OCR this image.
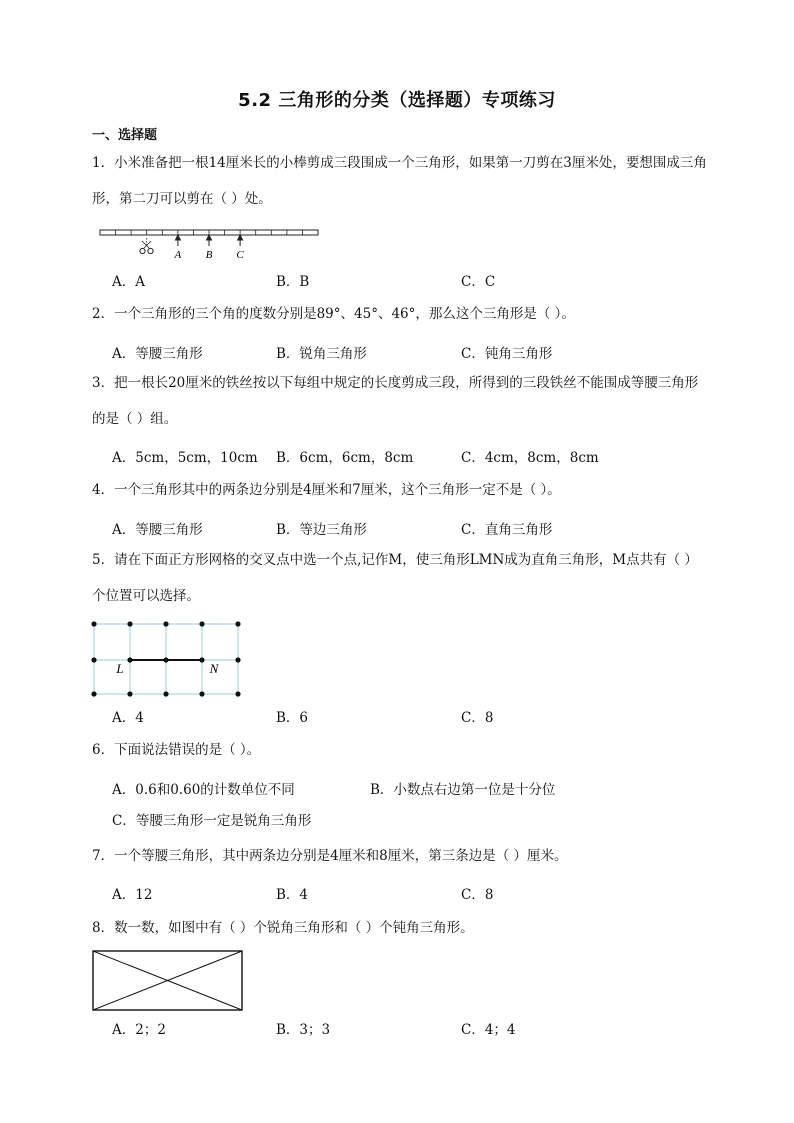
5.2 三角形的分类（选择题）专项练习
一、选择题
1．小米准备把一根14厘米长的小棒剪成三段围成一个三角形，如果第一刀剪在3厘米处，要想围成三角形，第二刀可以剪在（ ）处。
A B C
A．A	B．B	C．C
2．一个三角形的三个角的度数分别是89°、45°、46°，那么这个三角形是（ ）。
A．等腰三角形	B．锐角三角形	C．钝角三角形
3．把一根长20厘米的铁丝按以下每组中规定的长度剪成三段，所得到的三段铁丝不能围成等腰三角形的是（ ）组。
A．5cm，5cm，10cm B．6cm，6cm，8cm	C．4cm，8cm，8cm
4．一个三角形其中的两条边分别是4厘米和7厘米，这个三角形一定不是（ ）。
A．等腰三角形	B．等边三角形	C．直角三角形
5．请在下面正方形网格的交叉点中选一个点,记作M，使三角形LMN成为直角三角形，M点共有（ ）个位置可以选择。
L	N
A．4	B．6	C．8
6．下面说法错误的是（ ）。
A．0.6和0.60的计数单位不同	B．小数点右边第一位是十分位
C．等腰三角形一定是锐角三角形
7．一个等腰三角形，其中两条边分别是4厘米和8厘米，第三条边是（ ）厘米。
A．12	B．4	C．8
8．数一数，如图中有（ ）个锐角三角形和（ ）个钝角三角形。
A．2；2	B．3；3	C．4；4
